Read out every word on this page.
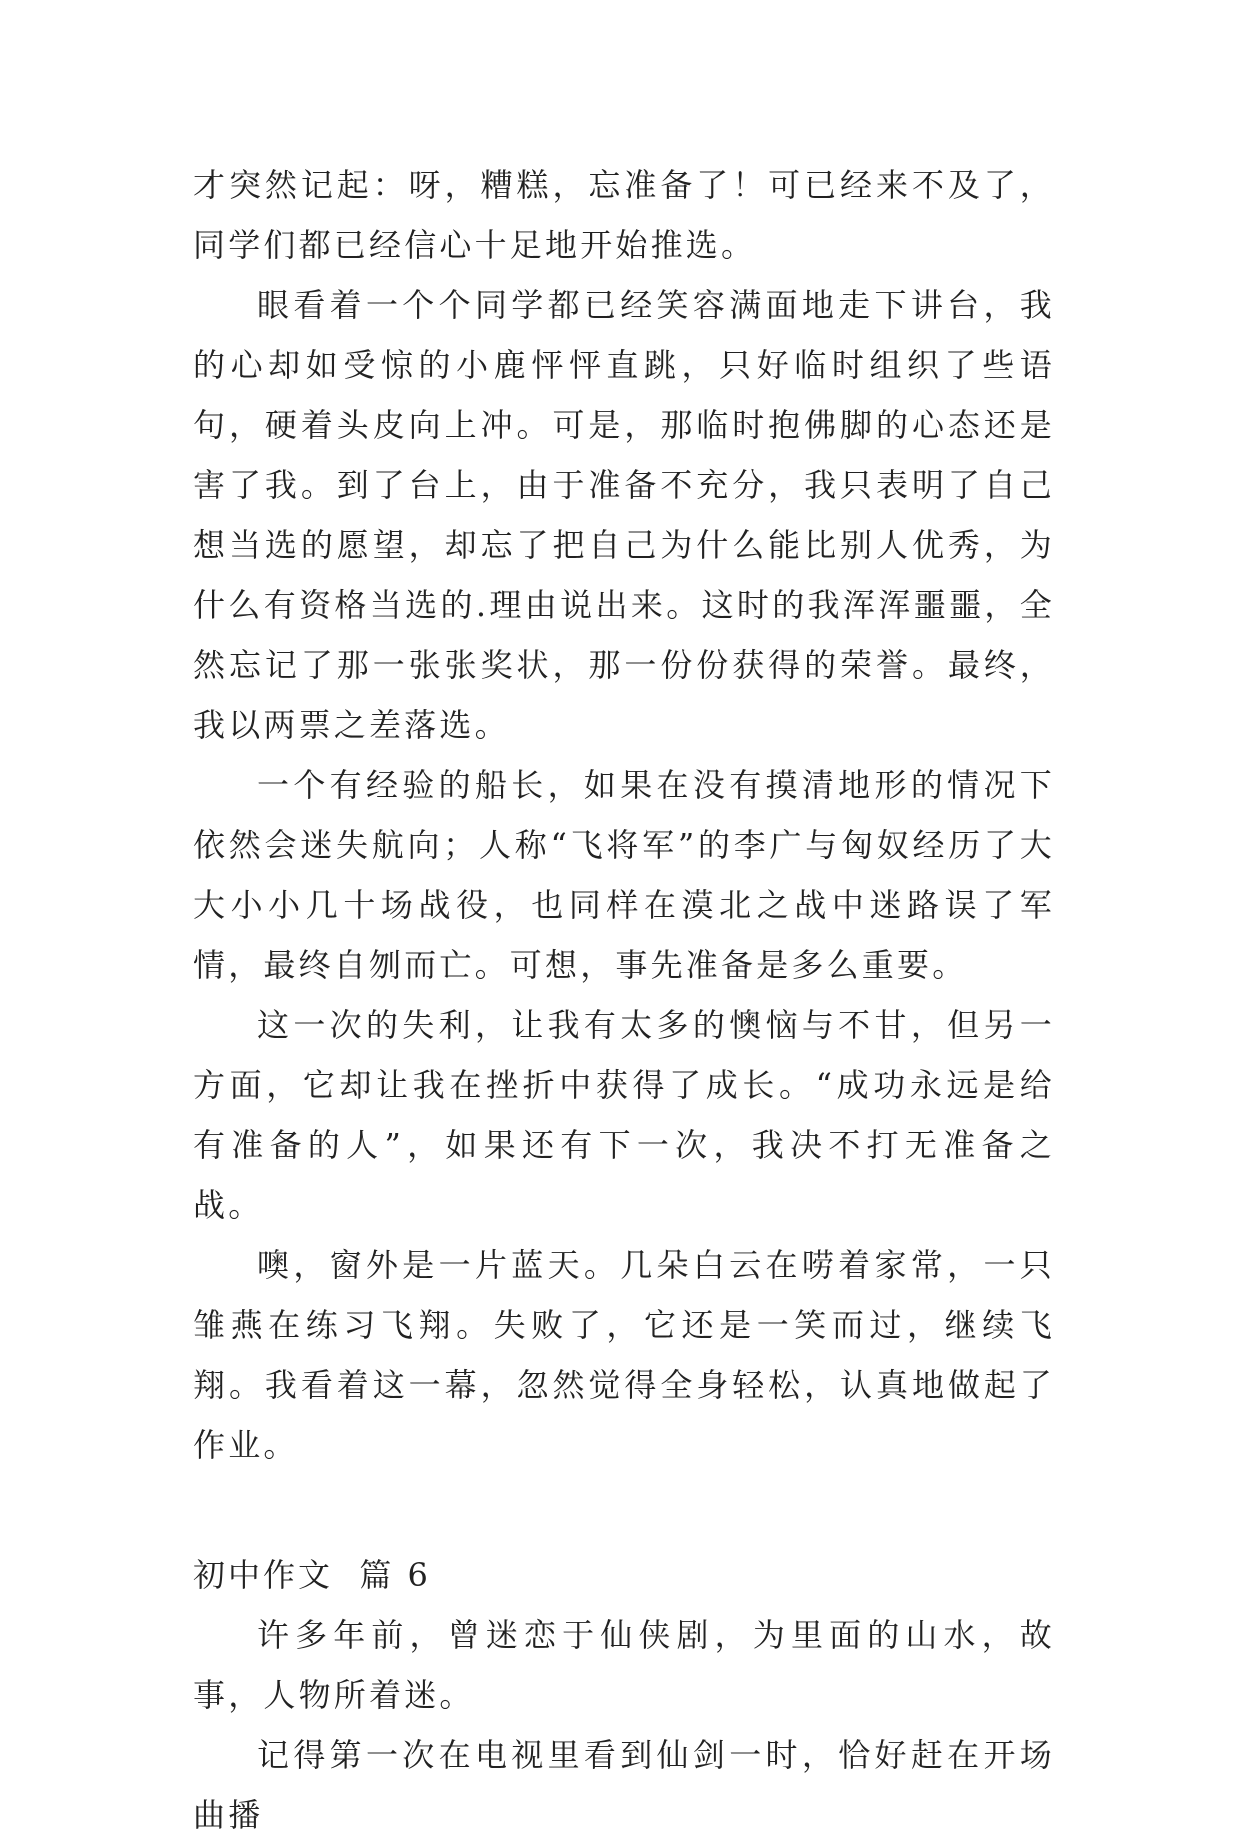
才突然记起：呀，糟糕，忘准备了！可已经来不及了，同学们都已经信心十足地开始推选。

眼看着一个个同学都已经笑容满面地走下讲台，我的心却如受惊的小鹿怦怦直跳，只好临时组织了些语句，硬着头皮向上冲。可是，那临时抱佛脚的心态还是害了我。到了台上，由于准备不充分，我只表明了自己想当选的愿望，却忘了把自己为什么能比别人优秀，为什么有资格当选的.理由说出来。这时的我浑浑噩噩，全然忘记了那一张张奖状，那一份份获得的荣誉。最终，我以两票之差落选。

一个有经验的船长，如果在没有摸清地形的情况下依然会迷失航向；人称“飞将军”的李广与匈奴经历了大大小小几十场战役，也同样在漠北之战中迷路误了军情，最终自刎而亡。可想，事先准备是多么重要。

这一次的失利，让我有太多的懊恼与不甘，但另一方面，它却让我在挫折中获得了成长。“成功永远是给有准备的人”，如果还有下一次，我决不打无准备之战。

噢，窗外是一片蓝天。几朵白云在唠着家常，一只雏燕在练习飞翔。失败了，它还是一笑而过，继续飞翔。我看着这一幕，忽然觉得全身轻松，认真地做起了作业。

初中作文  篇 6

许多年前，曾迷恋于仙侠剧，为里面的山水，故事，人物所着迷。

记得第一次在电视里看到仙剑一时，恰好赶在开场曲播
